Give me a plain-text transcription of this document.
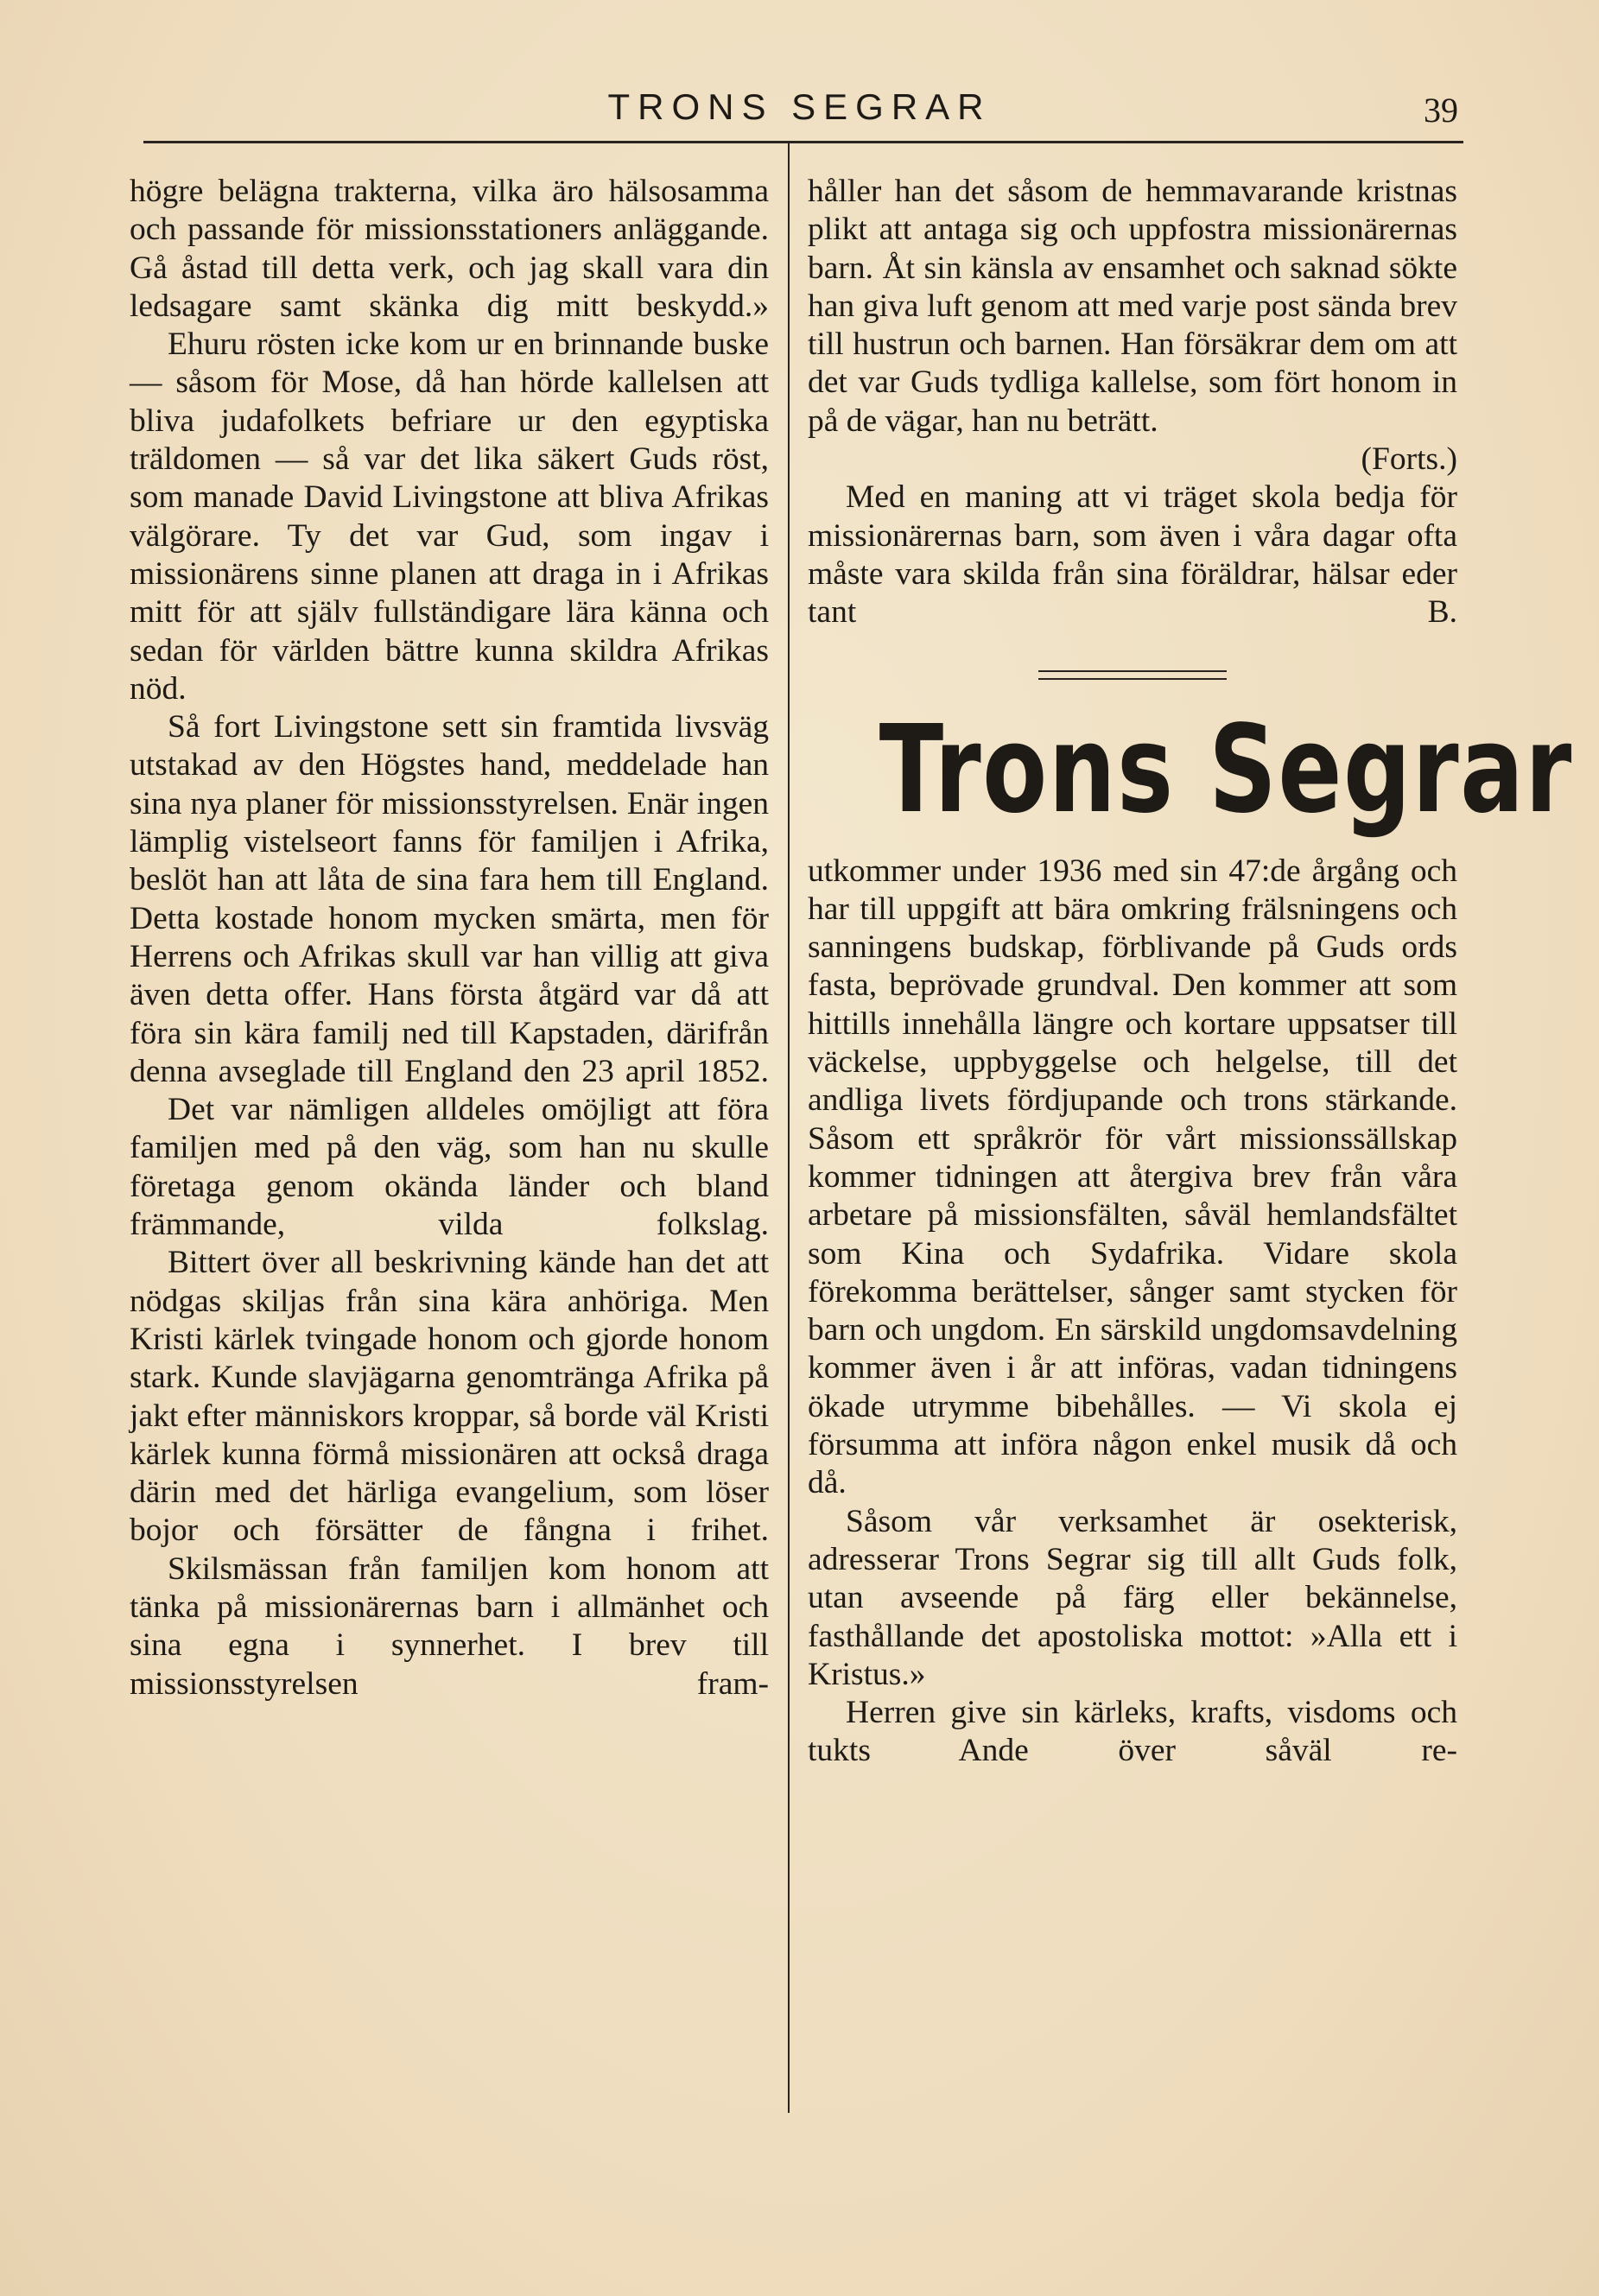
TRONS SEGRAR	39

högre belägna trakterna, vilka äro hälsosamma och passande för missionsstationers anläggande. Gå åstad till detta verk, och jag skall vara din ledsagare samt skänka dig mitt beskydd.»

Ehuru rösten icke kom ur en brinnande buske — såsom för Mose, då han hörde kallelsen att bliva judafolkets befriare ur den egyptiska träldomen — så var det lika säkert Guds röst, som manade David Livingstone att bliva Afrikas välgörare. Ty det var Gud, som ingav i missionärens sinne planen att draga in i Afrikas mitt för att själv fullständigare lära känna och sedan för världen bättre kunna skildra Afrikas nöd.

Så fort Livingstone sett sin framtida livsväg utstakad av den Högstes hand, meddelade han sina nya planer för missionsstyrelsen. Enär ingen lämplig vistelseort fanns för familjen i Afrika, beslöt han att låta de sina fara hem till England. Detta kostade honom mycken smärta, men för Herrens och Afrikas skull var han villig att giva även detta offer. Hans första åtgärd var då att föra sin kära familj ned till Kapstaden, därifrån denna avseglade till England den 23 april 1852.

Det var nämligen alldeles omöjligt att föra familjen med på den väg, som han nu skulle företaga genom okända länder och bland främmande, vilda folkslag.

Bittert över all beskrivning kände han det att nödgas skiljas från sina kära anhöriga. Men Kristi kärlek tvingade honom och gjorde honom stark. Kunde slavjägarna genomtränga Afrika på jakt efter människors kroppar, så borde väl Kristi kärlek kunna förmå missionären att också draga därin med det härliga evangelium, som löser bojor och försätter de fångna i frihet.

Skilsmässan från familjen kom honom att tänka på missionärernas barn i allmänhet och sina egna i synnerhet. I brev till missionsstyrelsen fram-

håller han det såsom de hemmavarande kristnas plikt att antaga sig och uppfostra missionärernas barn. Åt sin känsla av ensamhet och saknad sökte han giva luft genom att med varje post sända brev till hustrun och barnen. Han försäkrar dem om att det var Guds tydliga kallelse, som fört honom in på de vägar, han nu beträtt.

(Forts.)

Med en maning att vi träget skola bedja för missionärernas barn, som även i våra dagar ofta måste vara skilda från sina föräldrar, hälsar eder

tant	B.

Trons Segrar

utkommer under 1936 med sin 47:de årgång och har till uppgift att bära omkring frälsningens och sanningens budskap, förblivande på Guds ords fasta, beprövade grundval. Den kommer att som hittills innehålla längre och kortare uppsatser till väckelse, uppbyggelse och helgelse, till det andliga livets fördjupande och trons stärkande. Såsom ett språkrör för vårt missionssällskap kommer tidningen att återgiva brev från våra arbetare på missionsfälten, såväl hemlandsfältet som Kina och Sydafrika. Vidare skola förekomma berättelser, sånger samt stycken för barn och ungdom. En särskild ungdomsavdelning kommer även i år att införas, vadan tidningens ökade utrymme bibehålles. — Vi skola ej försumma att införa någon enkel musik då och då.

Såsom vår verksamhet är osekterisk, adresserar Trons Segrar sig till allt Guds folk, utan avseende på färg eller bekännelse, fasthållande det apostoliska mottot: »Alla ett i Kristus.»

Herren give sin kärleks, krafts, visdoms och tukts Ande över såväl re-
